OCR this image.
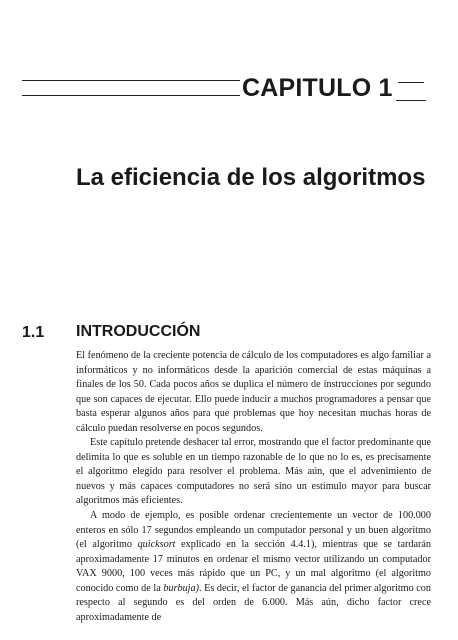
CAPITULO 1
La eficiencia de los algoritmos
1.1 INTRODUCCIÓN

El fenómeno de la creciente potencia de cálculo de los computadores es algo familiar a informáticos y no informáticos desde la aparición comercial de estas máquinas a finales de los 50. Cada pocos años se duplica el número de instrucciones por segundo que son capaces de ejecutar. Ello puede inducir a muchos programadores a pensar que basta esperar algunos años para que problemas que hoy necesitan muchas horas de cálculo puedan resolverse en pocos segundos.

Este capítulo pretende deshacer tal error, mostrando que el factor predominante que delimita lo que es soluble en un tiempo razonable de lo que no lo es, es precisamente el algoritmo elegido para resolver el problema. Más aún, que el advenimiento de nuevos y más capaces computadores no será sino un estímulo mayor para buscar algoritmos más eficientes.

A modo de ejemplo, es posible ordenar crecientemente un vector de 100.000 enteros en sólo 17 segundos empleando un computador personal y un buen algoritmo (el algoritmo quicksort explicado en la sección 4.4.1), mientras que se tardarán aproximadamente 17 minutos en ordenar el mismo vector utilizando un computador VAX 9000, 100 veces más rápido que un PC, y un mal algoritmo (el algoritmo conocido como de la burbuja). Es decir, el factor de ganancia del primer algoritmo con respecto al segundo es del orden de 6.000. Más aún, dicho factor crece aproximadamente de
